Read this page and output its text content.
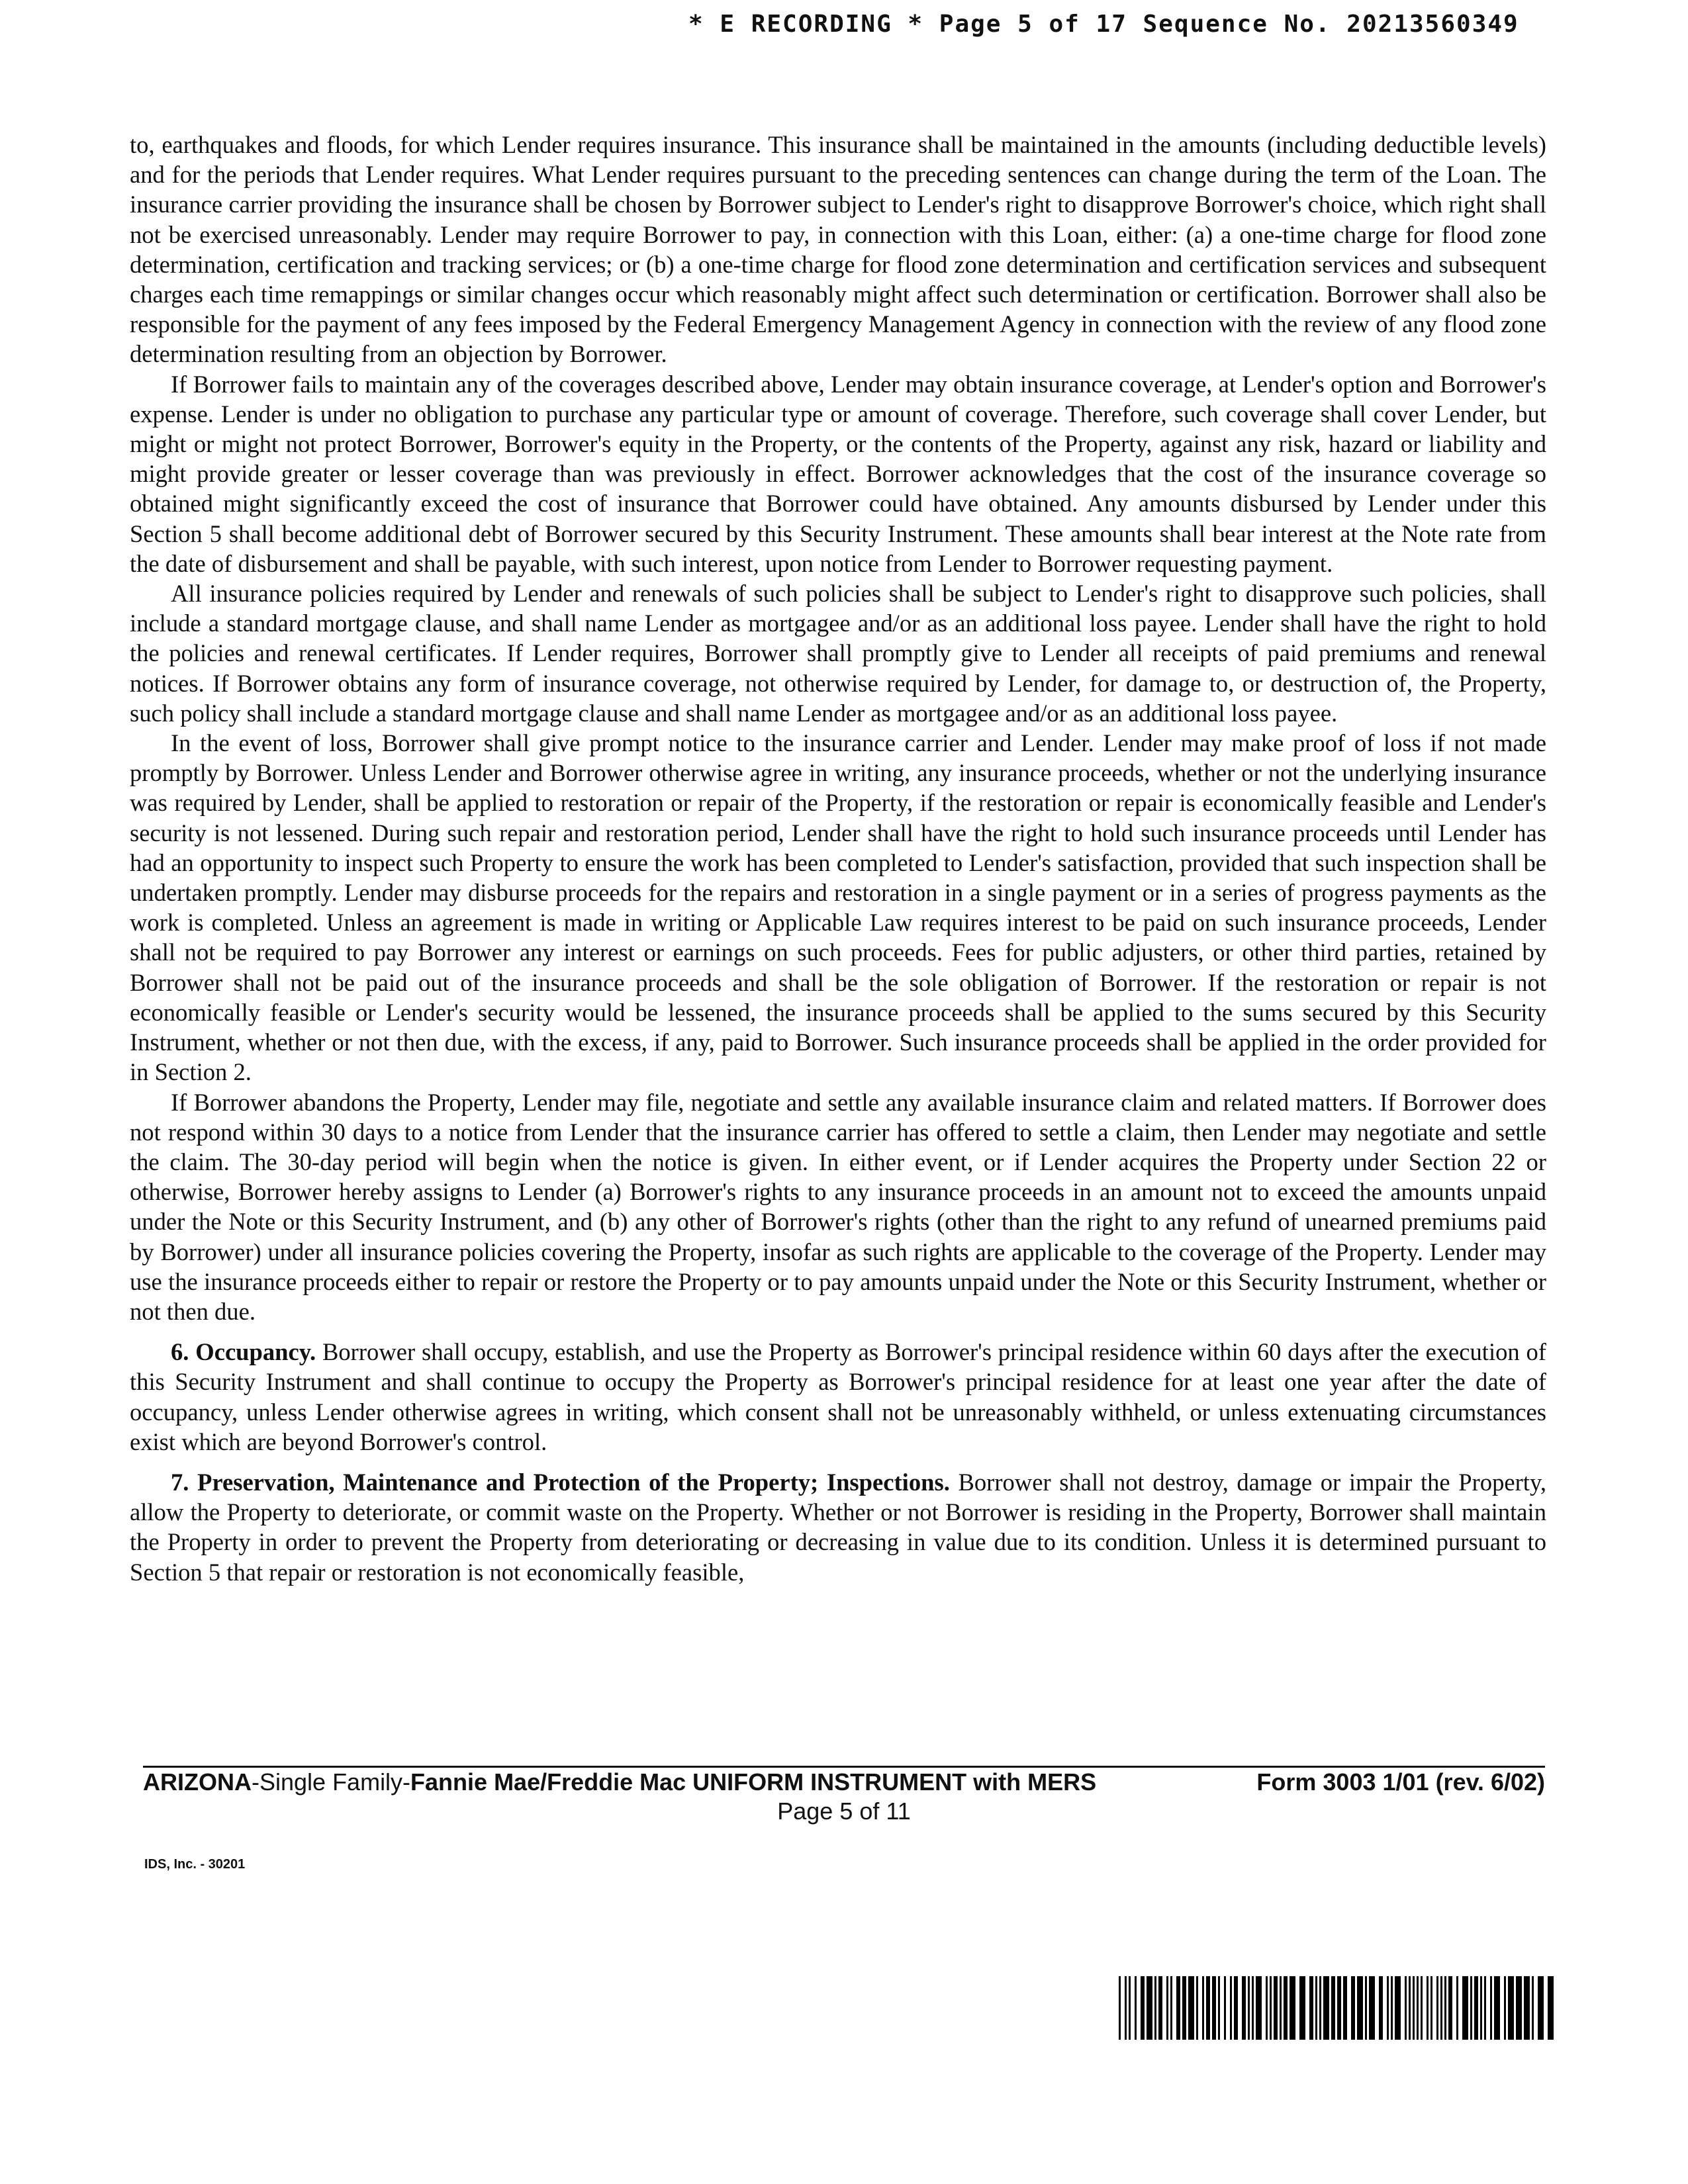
* E RECORDING * Page 5 of 17 Sequence No. 20213560349

to, earthquakes and floods, for which Lender requires insurance. This insurance shall be maintained in the amounts (including deductible levels) and for the periods that Lender requires. What Lender requires pursuant to the preceding sentences can change during the term of the Loan. The insurance carrier providing the insurance shall be chosen by Borrower subject to Lender's right to disapprove Borrower's choice, which right shall not be exercised unreasonably. Lender may require Borrower to pay, in connection with this Loan, either: (a) a one-time charge for flood zone determination, certification and tracking services; or (b) a one-time charge for flood zone determination and certification services and subsequent charges each time remappings or similar changes occur which reasonably might affect such determination or certification. Borrower shall also be responsible for the payment of any fees imposed by the Federal Emergency Management Agency in connection with the review of any flood zone determination resulting from an objection by Borrower.

If Borrower fails to maintain any of the coverages described above, Lender may obtain insurance coverage, at Lender's option and Borrower's expense. Lender is under no obligation to purchase any particular type or amount of coverage. Therefore, such coverage shall cover Lender, but might or might not protect Borrower, Borrower's equity in the Property, or the contents of the Property, against any risk, hazard or liability and might provide greater or lesser coverage than was previously in effect. Borrower acknowledges that the cost of the insurance coverage so obtained might significantly exceed the cost of insurance that Borrower could have obtained. Any amounts disbursed by Lender under this Section 5 shall become additional debt of Borrower secured by this Security Instrument. These amounts shall bear interest at the Note rate from the date of disbursement and shall be payable, with such interest, upon notice from Lender to Borrower requesting payment.

All insurance policies required by Lender and renewals of such policies shall be subject to Lender's right to disapprove such policies, shall include a standard mortgage clause, and shall name Lender as mortgagee and/or as an additional loss payee. Lender shall have the right to hold the policies and renewal certificates. If Lender requires, Borrower shall promptly give to Lender all receipts of paid premiums and renewal notices. If Borrower obtains any form of insurance coverage, not otherwise required by Lender, for damage to, or destruction of, the Property, such policy shall include a standard mortgage clause and shall name Lender as mortgagee and/or as an additional loss payee.

In the event of loss, Borrower shall give prompt notice to the insurance carrier and Lender. Lender may make proof of loss if not made promptly by Borrower. Unless Lender and Borrower otherwise agree in writing, any insurance proceeds, whether or not the underlying insurance was required by Lender, shall be applied to restoration or repair of the Property, if the restoration or repair is economically feasible and Lender's security is not lessened. During such repair and restoration period, Lender shall have the right to hold such insurance proceeds until Lender has had an opportunity to inspect such Property to ensure the work has been completed to Lender's satisfaction, provided that such inspection shall be undertaken promptly. Lender may disburse proceeds for the repairs and restoration in a single payment or in a series of progress payments as the work is completed. Unless an agreement is made in writing or Applicable Law requires interest to be paid on such insurance proceeds, Lender shall not be required to pay Borrower any interest or earnings on such proceeds. Fees for public adjusters, or other third parties, retained by Borrower shall not be paid out of the insurance proceeds and shall be the sole obligation of Borrower. If the restoration or repair is not economically feasible or Lender's security would be lessened, the insurance proceeds shall be applied to the sums secured by this Security Instrument, whether or not then due, with the excess, if any, paid to Borrower. Such insurance proceeds shall be applied in the order provided for in Section 2.

If Borrower abandons the Property, Lender may file, negotiate and settle any available insurance claim and related matters. If Borrower does not respond within 30 days to a notice from Lender that the insurance carrier has offered to settle a claim, then Lender may negotiate and settle the claim. The 30-day period will begin when the notice is given. In either event, or if Lender acquires the Property under Section 22 or otherwise, Borrower hereby assigns to Lender (a) Borrower's rights to any insurance proceeds in an amount not to exceed the amounts unpaid under the Note or this Security Instrument, and (b) any other of Borrower's rights (other than the right to any refund of unearned premiums paid by Borrower) under all insurance policies covering the Property, insofar as such rights are applicable to the coverage of the Property. Lender may use the insurance proceeds either to repair or restore the Property or to pay amounts unpaid under the Note or this Security Instrument, whether or not then due.

6. Occupancy. Borrower shall occupy, establish, and use the Property as Borrower's principal residence within 60 days after the execution of this Security Instrument and shall continue to occupy the Property as Borrower's principal residence for at least one year after the date of occupancy, unless Lender otherwise agrees in writing, which consent shall not be unreasonably withheld, or unless extenuating circumstances exist which are beyond Borrower's control.

7. Preservation, Maintenance and Protection of the Property; Inspections. Borrower shall not destroy, damage or impair the Property, allow the Property to deteriorate, or commit waste on the Property. Whether or not Borrower is residing in the Property, Borrower shall maintain the Property in order to prevent the Property from deteriorating or decreasing in value due to its condition. Unless it is determined pursuant to Section 5 that repair or restoration is not economically feasible,

ARIZONA-Single Family-Fannie Mae/Freddie Mac UNIFORM INSTRUMENT with MERS	Form 3003 1/01 (rev. 6/02)
Page 5 of 11
IDS, Inc. - 30201
